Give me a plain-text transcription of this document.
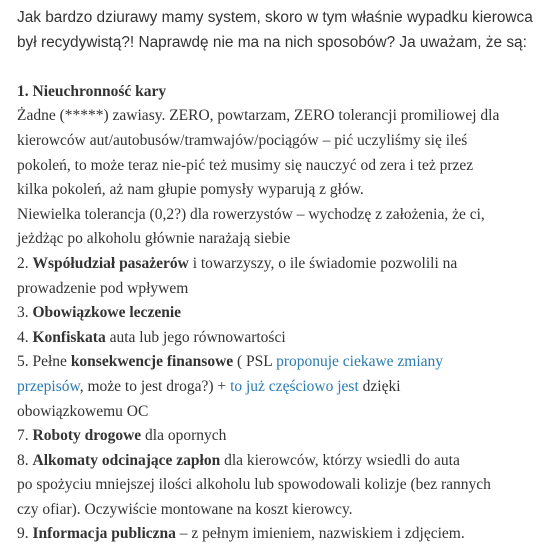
Jak bardzo dziurawy mamy system, skoro w tym właśnie wypadku kierowca
był recydywistą?! Naprawdę nie ma na nich sposobów? Ja uważam, że są:
1. Nieuchronność kary
Żadne (*****) zawiasy. ZERO, powtarzam, ZERO tolerancji promiliowej dla
kierowców aut/autobusów/tramwajów/pociągów – pić uczyliśmy się ileś
pokoleń, to może teraz nie-pić też musimy się nauczyć od zera i też przez
kilka pokoleń, aż nam głupie pomysły wyparują z głów.
Niewielka tolerancja (0,2?) dla rowerzystów – wychodzę z założenia, że ci,
jeżdżąc po alkoholu głównie narażają siebie
2. Współudział pasażerów i towarzyszy, o ile świadomie pozwolili na
prowadzenie pod wpływem
3. Obowiązkowe leczenie
4. Konfiskata auta lub jego równowartości
5. Pełne konsekwencje finansowe ( PSL proponuje ciekawe zmiany
przepisów, może to jest droga?) + to już częściowo jest dzięki
obowiązkowemu OC
7. Roboty drogowe dla opornych
8. Alkomaty odcinające zapłon dla kierowców, którzy wsiedli do auta
po spożyciu mniejszej ilości alkoholu lub spowodowali kolizje (bez rannych
czy ofiar). Oczywiście montowane na koszt kierowcy.
9. Informacja publiczna – z pełnym imieniem, nazwiskiem i zdjęciem.
